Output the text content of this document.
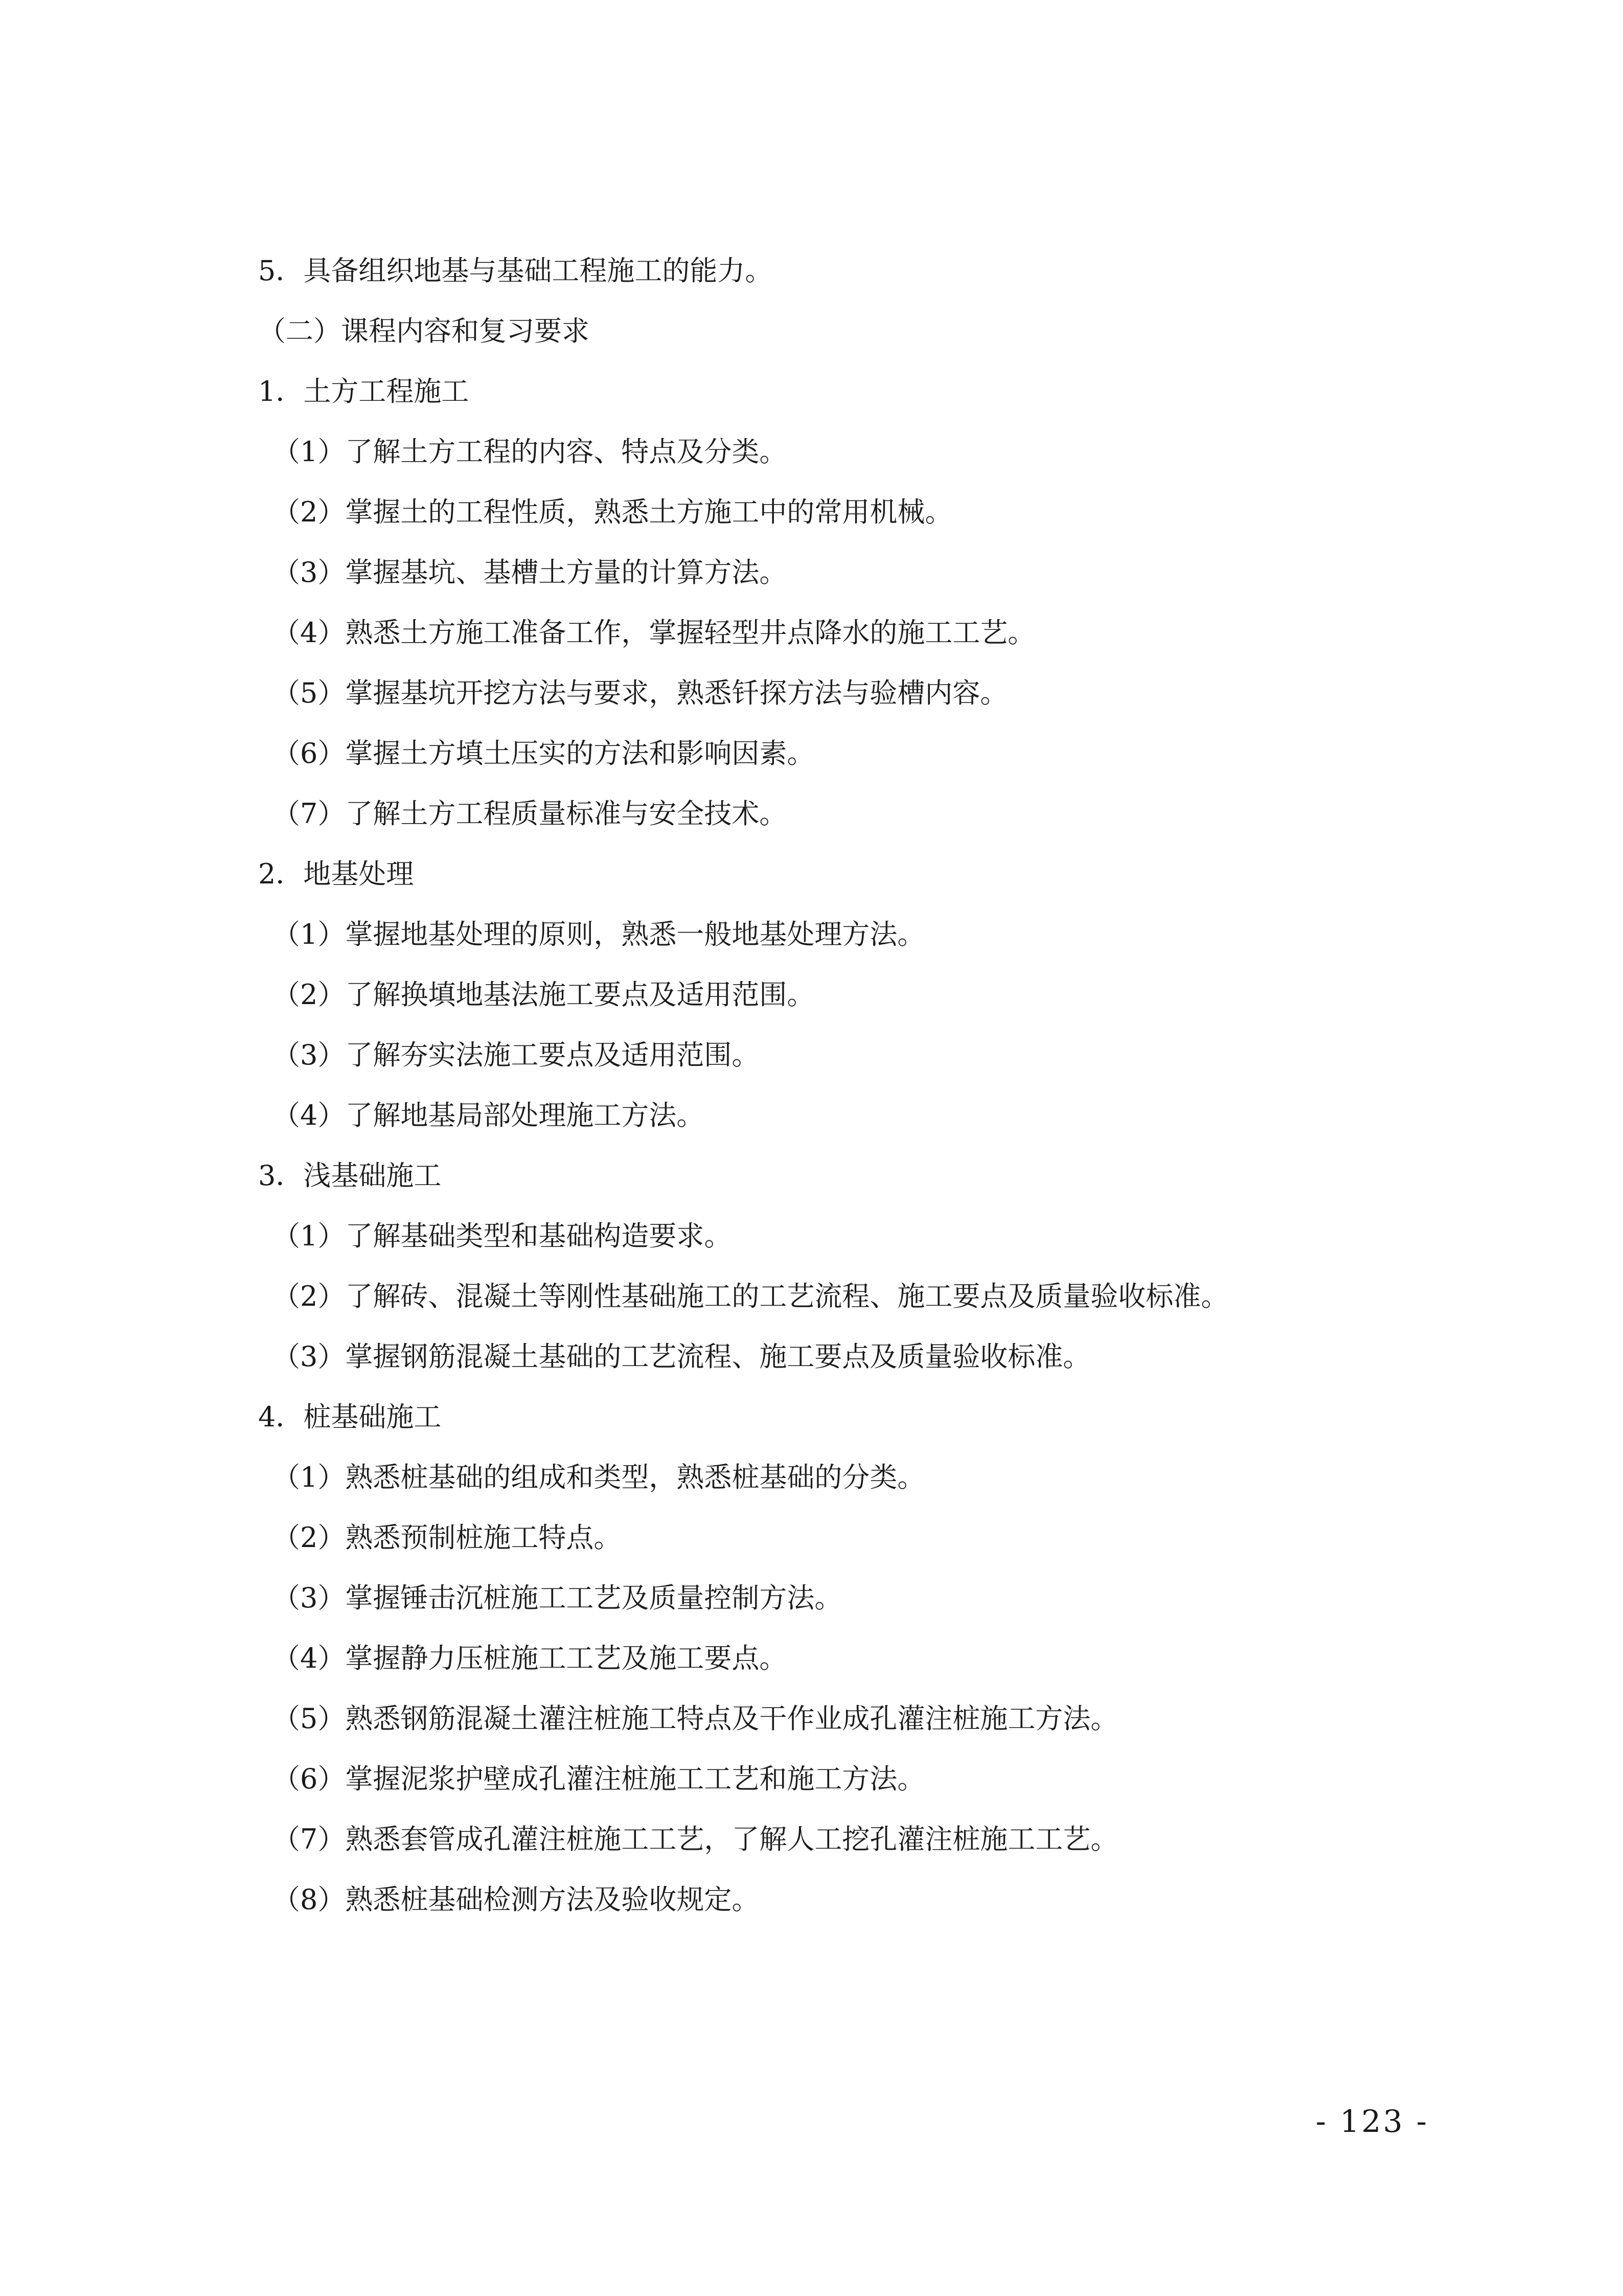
5．具备组织地基与基础工程施工的能力。

（二）课程内容和复习要求

1．土方工程施工

（1）了解土方工程的内容、特点及分类。

（2）掌握土的工程性质，熟悉土方施工中的常用机械。

（3）掌握基坑、基槽土方量的计算方法。

（4）熟悉土方施工准备工作，掌握轻型井点降水的施工工艺。

（5）掌握基坑开挖方法与要求，熟悉钎探方法与验槽内容。

（6）掌握土方填土压实的方法和影响因素。

（7）了解土方工程质量标准与安全技术。

2．地基处理

（1）掌握地基处理的原则，熟悉一般地基处理方法。

（2）了解换填地基法施工要点及适用范围。

（3）了解夯实法施工要点及适用范围。

（4）了解地基局部处理施工方法。

3．浅基础施工

（1）了解基础类型和基础构造要求。

（2）了解砖、混凝土等刚性基础施工的工艺流程、施工要点及质量验收标准。

（3）掌握钢筋混凝土基础的工艺流程、施工要点及质量验收标准。

4．桩基础施工

（1）熟悉桩基础的组成和类型，熟悉桩基础的分类。

（2）熟悉预制桩施工特点。

（3）掌握锤击沉桩施工工艺及质量控制方法。

（4）掌握静力压桩施工工艺及施工要点。

（5）熟悉钢筋混凝土灌注桩施工特点及干作业成孔灌注桩施工方法。

（6）掌握泥浆护壁成孔灌注桩施工工艺和施工方法。

（7）熟悉套管成孔灌注桩施工工艺，了解人工挖孔灌注桩施工工艺。

（8）熟悉桩基础检测方法及验收规定。

- 123 -
